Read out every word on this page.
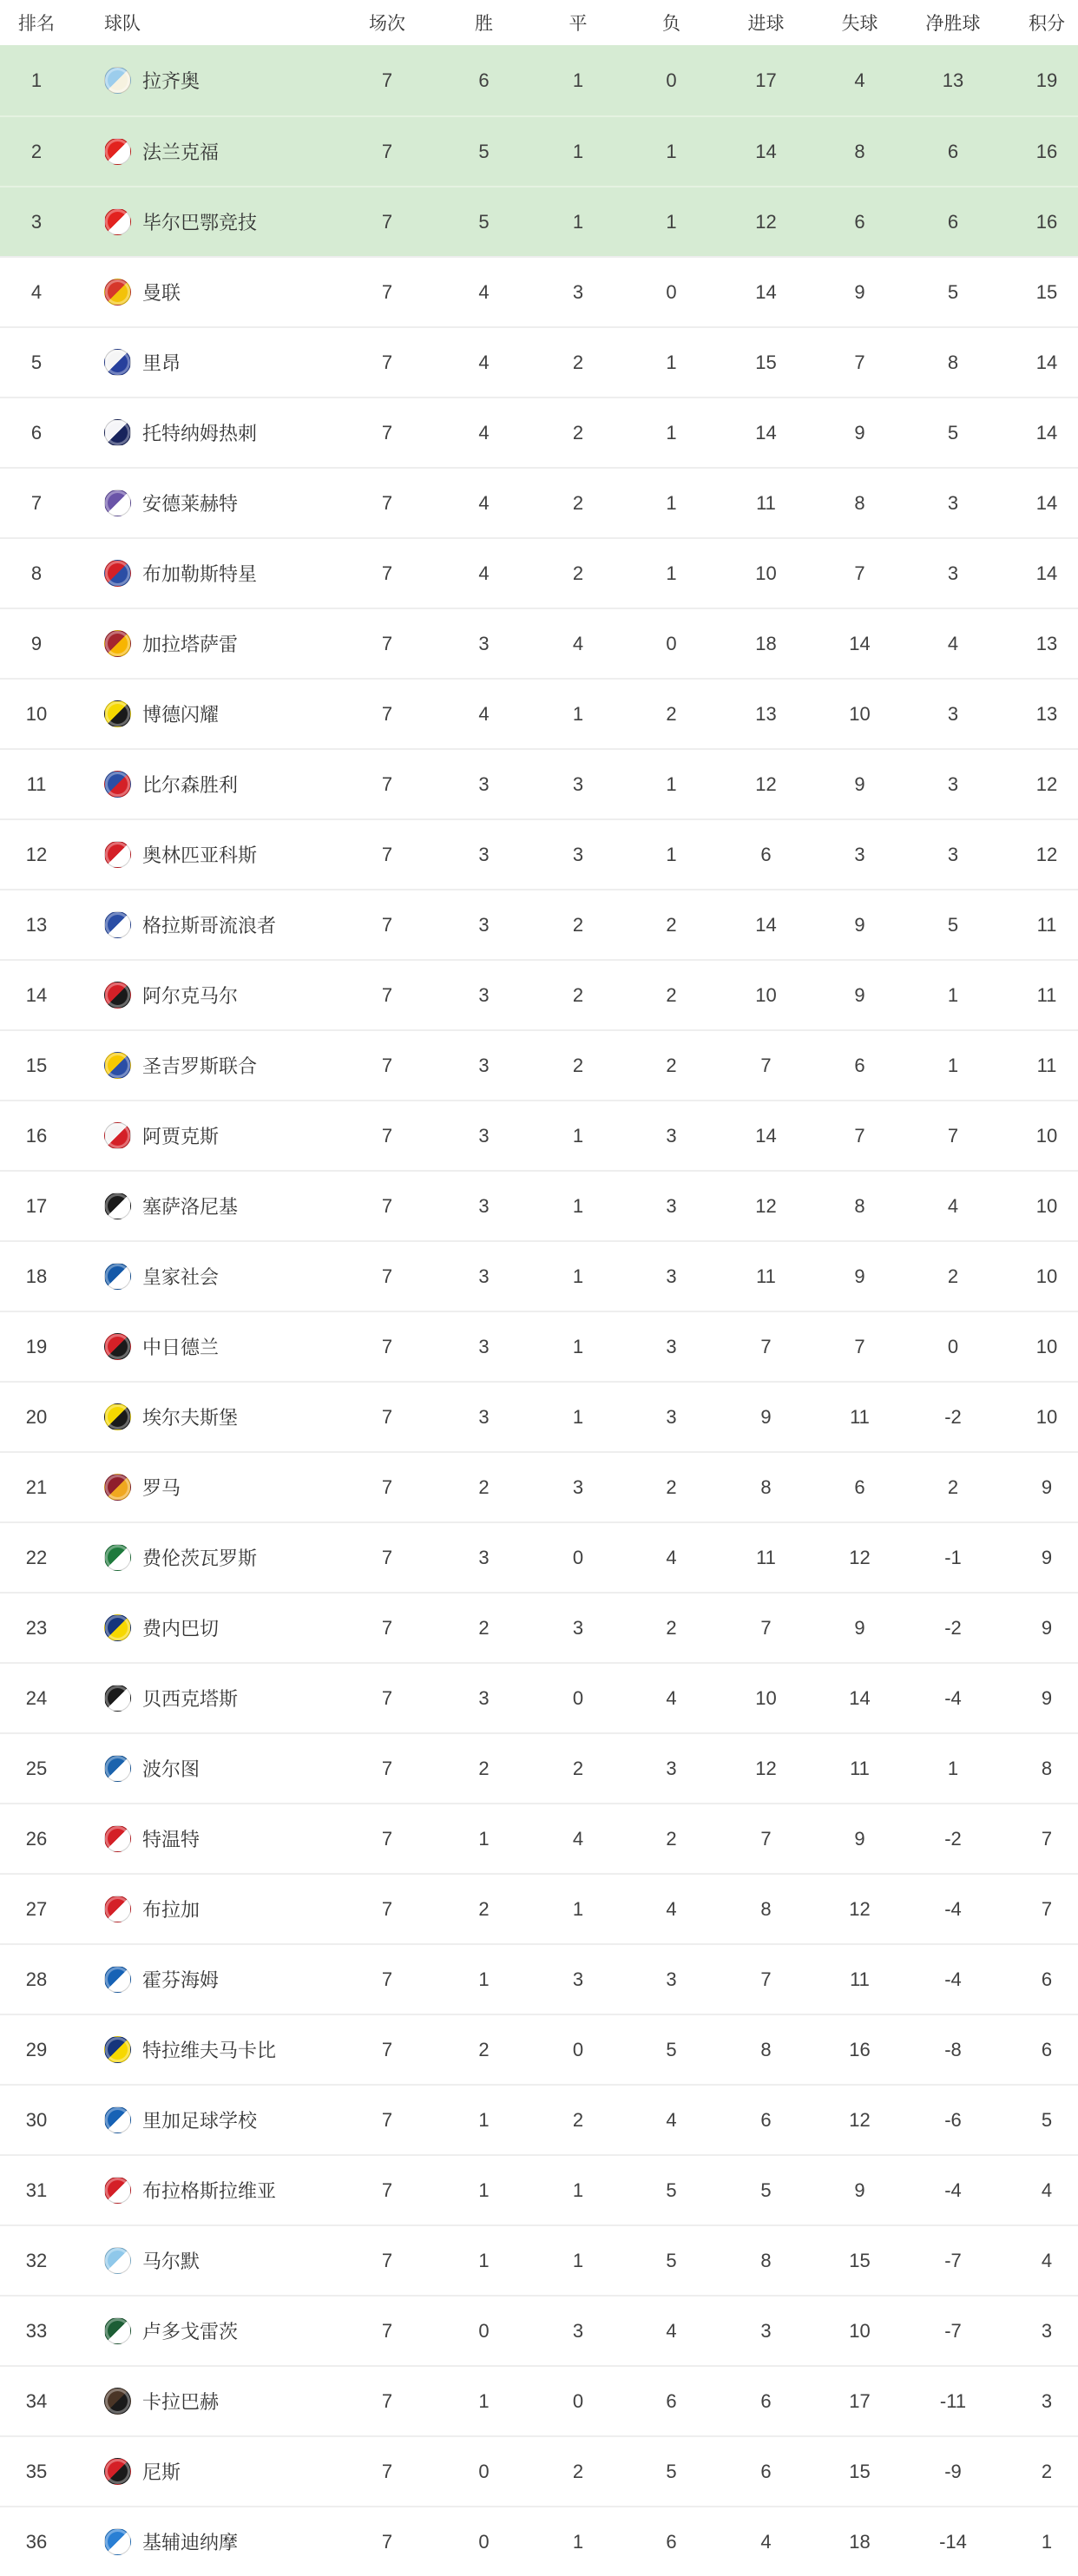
排名	球队	场次	胜	平	负	进球	失球	净胜球	积分
1	拉齐奥	7	6	1	0	17	4	13	19
2	法兰克福	7	5	1	1	14	8	6	16
3	毕尔巴鄂竞技	7	5	1	1	12	6	6	16
4	曼联	7	4	3	0	14	9	5	15
5	里昂	7	4	2	1	15	7	8	14
6	托特纳姆热刺	7	4	2	1	14	9	5	14
7	安德莱赫特	7	4	2	1	11	8	3	14
8	布加勒斯特星	7	4	2	1	10	7	3	14
9	加拉塔萨雷	7	3	4	0	18	14	4	13
10	博德闪耀	7	4	1	2	13	10	3	13
11	比尔森胜利	7	3	3	1	12	9	3	12
12	奥林匹亚科斯	7	3	3	1	6	3	3	12
13	格拉斯哥流浪者	7	3	2	2	14	9	5	11
14	阿尔克马尔	7	3	2	2	10	9	1	11
15	圣吉罗斯联合	7	3	2	2	7	6	1	11
16	阿贾克斯	7	3	1	3	14	7	7	10
17	塞萨洛尼基	7	3	1	3	12	8	4	10
18	皇家社会	7	3	1	3	11	9	2	10
19	中日德兰	7	3	1	3	7	7	0	10
20	埃尔夫斯堡	7	3	1	3	9	11	-2	10
21	罗马	7	2	3	2	8	6	2	9
22	费伦茨瓦罗斯	7	3	0	4	11	12	-1	9
23	费内巴切	7	2	3	2	7	9	-2	9
24	贝西克塔斯	7	3	0	4	10	14	-4	9
25	波尔图	7	2	2	3	12	11	1	8
26	特温特	7	1	4	2	7	9	-2	7
27	布拉加	7	2	1	4	8	12	-4	7
28	霍芬海姆	7	1	3	3	7	11	-4	6
29	特拉维夫马卡比	7	2	0	5	8	16	-8	6
30	里加足球学校	7	1	2	4	6	12	-6	5
31	布拉格斯拉维亚	7	1	1	5	5	9	-4	4
32	马尔默	7	1	1	5	8	15	-7	4
33	卢多戈雷茨	7	0	3	4	3	10	-7	3
34	卡拉巴赫	7	1	0	6	6	17	-11	3
35	尼斯	7	0	2	5	6	15	-9	2
36	基辅迪纳摩	7	0	1	6	4	18	-14	1
